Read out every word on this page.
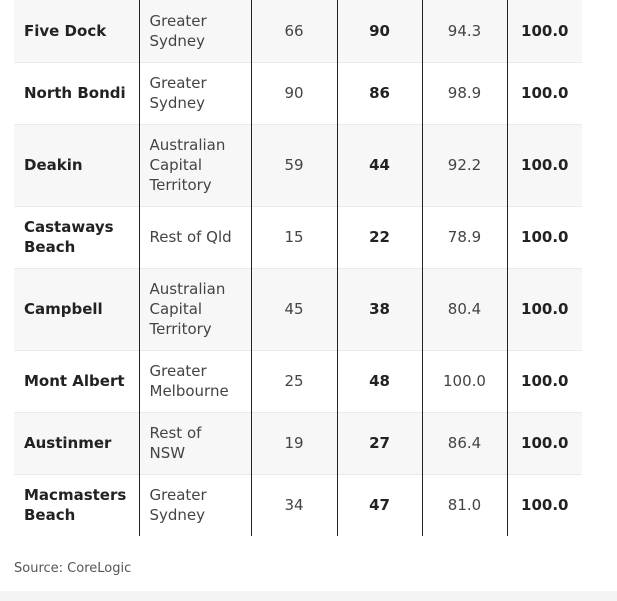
Five Dock	Greater Sydney	66	90	94.3	100.0
North Bondi	Greater Sydney	90	86	98.9	100.0
Deakin	Australian Capital Territory	59	44	92.2	100.0
Castaways Beach	Rest of Qld	15	22	78.9	100.0
Campbell	Australian Capital Territory	45	38	80.4	100.0
Mont Albert	Greater Melbourne	25	48	100.0	100.0
Austinmer	Rest of NSW	19	27	86.4	100.0
Macmasters Beach	Greater Sydney	34	47	81.0	100.0
Source: CoreLogic
